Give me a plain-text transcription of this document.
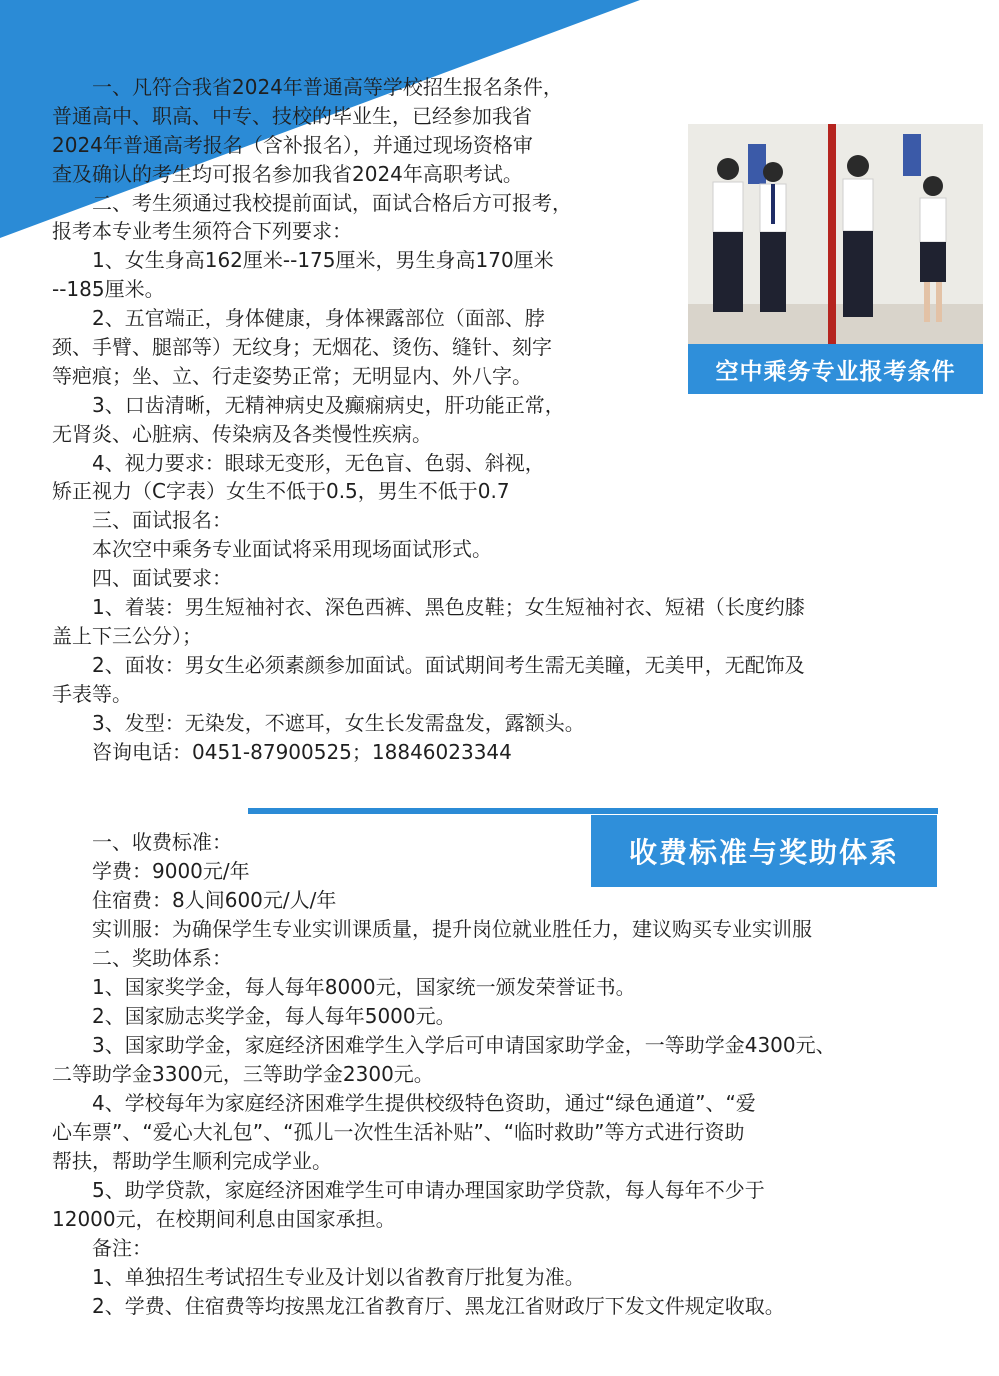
　　一、凡符合我省2024年普通高等学校招生报名条件，

普通高中、职高、中专、技校的毕业生，已经参加我省

2024年普通高考报名（含补报名），并通过现场资格审

查及确认的考生均可报名参加我省2024年高职考试。

　　二、考生须通过我校提前面试，面试合格后方可报考，

报考本专业考生须符合下列要求：

　　1、女生身高162厘米--175厘米，男生身高170厘米

--185厘米。

　　2、五官端正，身体健康，身体裸露部位（面部、脖

颈、手臂、腿部等）无纹身；无烟花、烫伤、缝针、刻字

等疤痕；坐、立、行走姿势正常；无明显内、外八字。

　　3、口齿清晰，无精神病史及癫痫病史，肝功能正常，

无肾炎、心脏病、传染病及各类慢性疾病。

　　4、视力要求：眼球无变形，无色盲、色弱、斜视，

矫正视力（C字表）女生不低于0.5，男生不低于0.7

　　三、面试报名：

　　本次空中乘务专业面试将采用现场面试形式。

　　四、面试要求：

　　1、着装：男生短袖衬衣、深色西裤、黑色皮鞋；女生短袖衬衣、短裙（长度约膝

盖上下三公分）；

　　2、面妆：男女生必须素颜参加面试。面试期间考生需无美瞳，无美甲，无配饰及

手表等。

　　3、发型：无染发，不遮耳，女生长发需盘发，露额头。

　　咨询电话：0451-87900525；18846023344

　　一、收费标准：

　　学费：9000元/年

　　住宿费：8人间600元/人/年

　　实训服：为确保学生专业实训课质量，提升岗位就业胜任力，建议购买专业实训服

　　二、奖助体系：

　　1、国家奖学金，每人每年8000元，国家统一颁发荣誉证书。

　　2、国家励志奖学金，每人每年5000元。

　　3、国家助学金，家庭经济困难学生入学后可申请国家助学金，一等助学金4300元、

二等助学金3300元，三等助学金2300元。

　　4、学校每年为家庭经济困难学生提供校级特色资助，通过“绿色通道”、“爱

心车票”、“爱心大礼包”、“孤儿一次性生活补贴”、“临时救助”等方式进行资助

帮扶，帮助学生顺利完成学业。

　　5、助学贷款，家庭经济困难学生可申请办理国家助学贷款，每人每年不少于

12000元，在校期间利息由国家承担。

　　备注：

　　1、单独招生考试招生专业及计划以省教育厅批复为准。

　　2、学费、住宿费等均按黑龙江省教育厅、黑龙江省财政厅下发文件规定收取。

空中乘务专业报考条件
收费标准与奖助体系
